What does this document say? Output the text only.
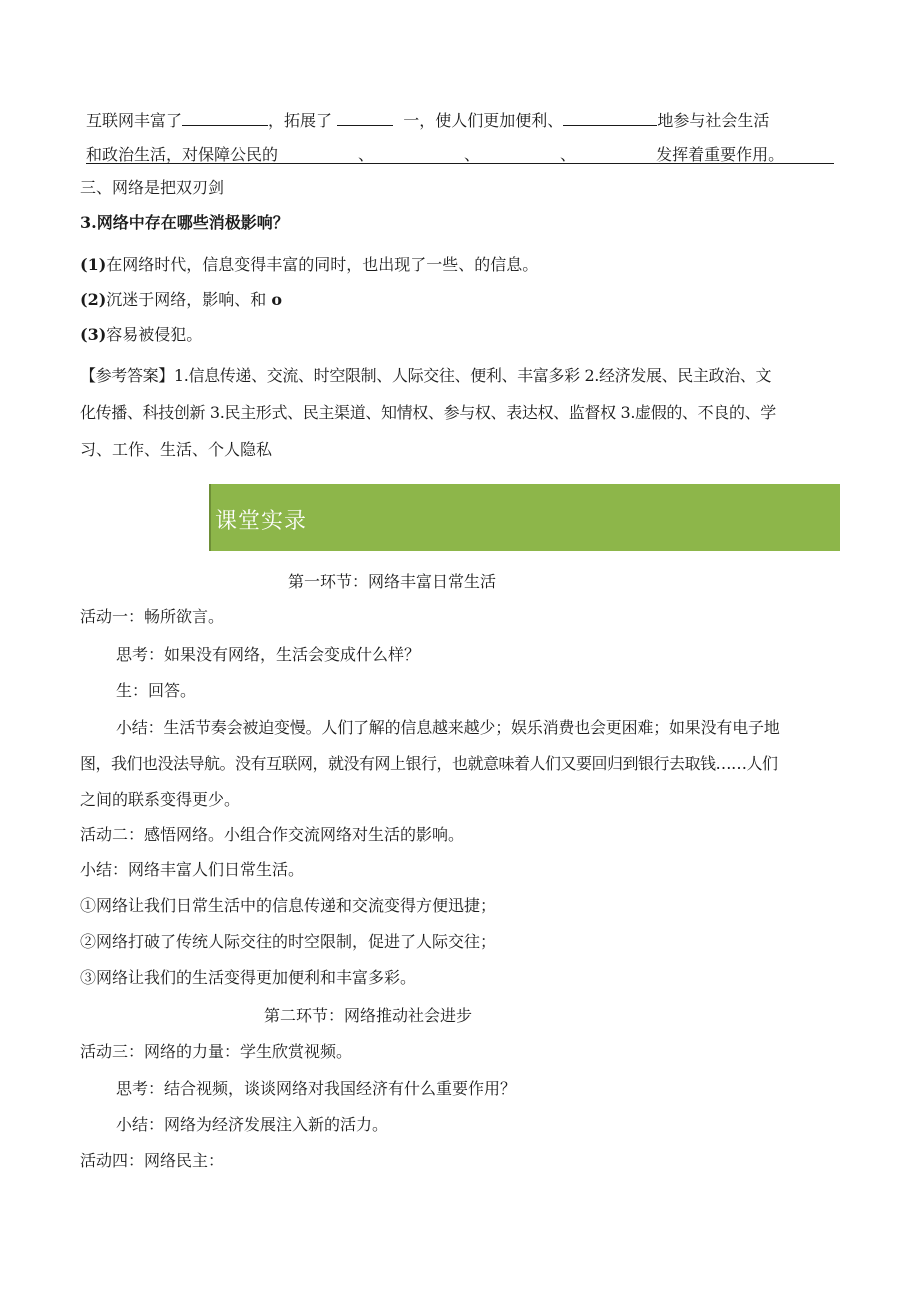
互联网丰富了	，拓展了	一，使人们更加便利、	地参与社会生活
和政治生活，对保障公民的	、	、	、	发挥着重要作用。
三、网络是把双刃剑
3.网络中存在哪些消极影响？
(1)在网络时代，信息变得丰富的同时，也出现了一些、的信息。
(2)沉迷于网络，影响、和 o
(3)容易被侵犯。
【参考答案】1.信息传递、交流、时空限制、人际交往、便利、丰富多彩 2.经济发展、民主政治、文
化传播、科技创新 3.民主形式、民主渠道、知情权、参与权、表达权、监督权 3.虚假的、不良的、学
习、工作、生活、个人隐私
课堂实录
第一环节：网络丰富日常生活
活动一：畅所欲言。
思考：如果没有网络，生活会变成什么样？
生：回答。
小结：生活节奏会被迫变慢。人们了解的信息越来越少；娱乐消费也会更困难；如果没有电子地
图，我们也没法导航。没有互联网，就没有网上银行，也就意味着人们又要回归到银行去取钱……人们
之间的联系变得更少。
活动二：感悟网络。小组合作交流网络对生活的影响。
小结：网络丰富人们日常生活。
①网络让我们日常生活中的信息传递和交流变得方便迅捷；
②网络打破了传统人际交往的时空限制，促进了人际交往；
③网络让我们的生活变得更加便利和丰富多彩。
第二环节：网络推动社会进步
活动三：网络的力量：学生欣赏视频。
思考：结合视频，谈谈网络对我国经济有什么重要作用？
小结：网络为经济发展注入新的活力。
活动四：网络民主：
